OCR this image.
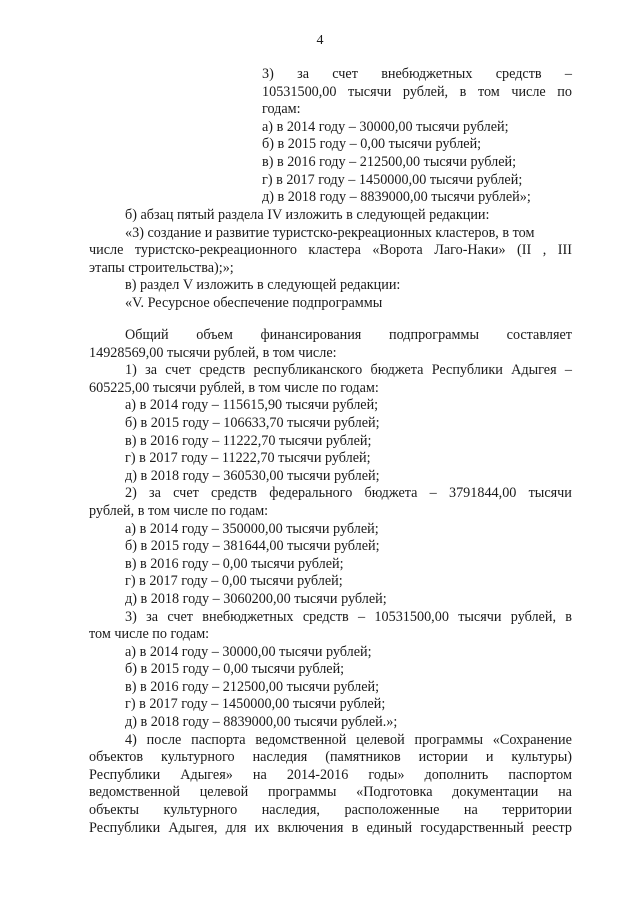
4
3) за счет внебюджетных средств –
10531500,00 тысячи рублей, в том числе по
годам:
а) в 2014 году – 30000,00 тысячи рублей;
б) в 2015 году – 0,00 тысячи рублей;
в) в 2016 году – 212500,00 тысячи рублей;
г) в 2017 году – 1450000,00 тысячи рублей;
д) в 2018 году – 8839000,00 тысячи рублей»;
б) абзац пятый раздела IV изложить в следующей редакции:
«3) создание и развитие туристско-рекреационных кластеров, в том
числе туристско-рекреационного кластера «Ворота Лаго-Наки» (II , III
этапы строительства);»;
в) раздел V изложить в следующей редакции:
«V. Ресурсное обеспечение подпрограммы
Общий объем финансирования подпрограммы составляет
14928569,00 тысячи рублей, в том числе:
1) за счет средств республиканского бюджета Республики Адыгея –
605225,00 тысячи рублей, в том числе по годам:
а) в 2014 году – 115615,90 тысячи рублей;
б) в 2015 году – 106633,70 тысячи рублей;
в) в 2016 году – 11222,70 тысячи рублей;
г) в 2017 году – 11222,70 тысячи рублей;
д) в 2018 году – 360530,00 тысячи рублей;
2) за счет средств федерального бюджета – 3791844,00 тысячи
рублей, в том числе по годам:
а) в 2014 году – 350000,00 тысячи рублей;
б) в 2015 году – 381644,00 тысячи рублей;
в) в 2016 году – 0,00 тысячи рублей;
г) в 2017 году – 0,00 тысячи рублей;
д) в 2018 году – 3060200,00 тысячи рублей;
3) за счет внебюджетных средств – 10531500,00 тысячи рублей, в
том числе по годам:
а) в 2014 году – 30000,00 тысячи рублей;
б) в 2015 году – 0,00 тысячи рублей;
в) в 2016 году – 212500,00 тысячи рублей;
г) в 2017 году – 1450000,00 тысячи рублей;
д) в 2018 году – 8839000,00 тысячи рублей.»;
4) после паспорта ведомственной целевой программы «Сохранение
объектов культурного наследия (памятников истории и культуры)
Республики Адыгея» на 2014-2016 годы» дополнить паспортом
ведомственной целевой программы «Подготовка документации на
объекты культурного наследия, расположенные на территории
Республики Адыгея, для их включения в единый государственный реестр
